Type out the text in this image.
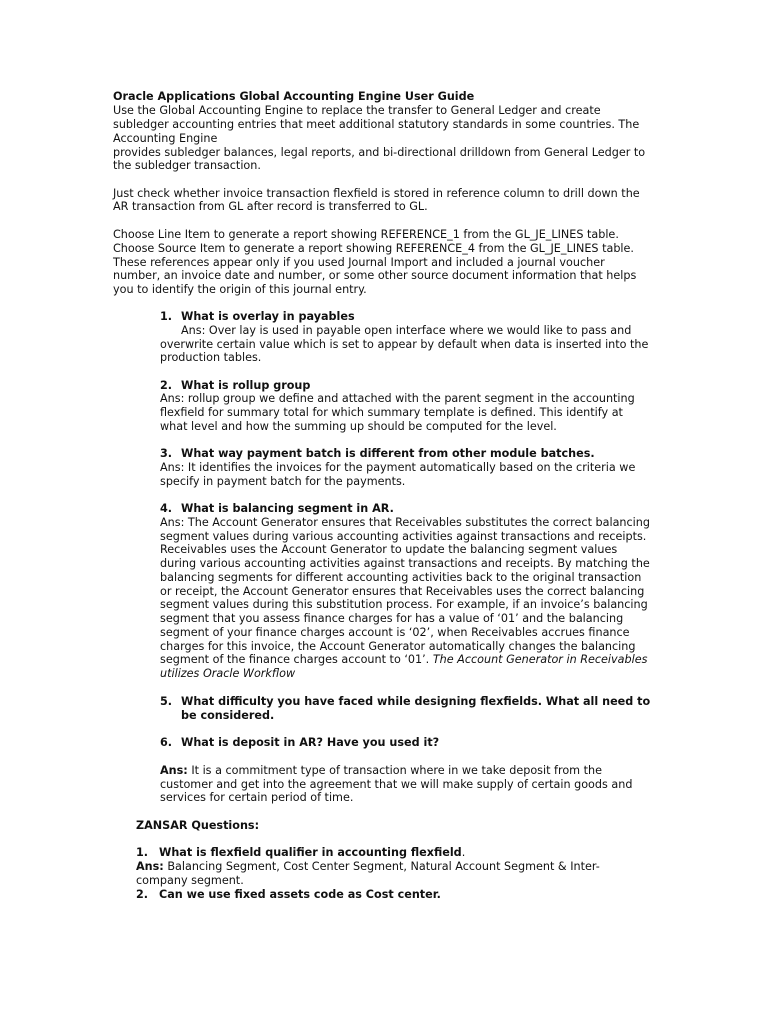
Oracle Applications Global Accounting Engine User Guide
Use the Global Accounting Engine to replace the transfer to General Ledger and create
subledger accounting entries that meet additional statutory standards in some countries. The
Accounting Engine
provides subledger balances, legal reports, and bi-directional drilldown from General Ledger to
the subledger transaction.
Just check whether invoice transaction flexfield is stored in reference column to drill down the
AR transaction from GL after record is transferred to GL.
Choose Line Item to generate a report showing REFERENCE_1 from the GL_JE_LINES table.
Choose Source Item to generate a report showing REFERENCE_4 from the GL_JE_LINES table.
These references appear only if you used Journal Import and included a journal voucher
number, an invoice date and number, or some other source document information that helps
you to identify the origin of this journal entry.
1. What is overlay in payables
Ans: Over lay is used in payable open interface where we would like to pass and
overwrite certain value which is set to appear by default when data is inserted into the
production tables.
2. What is rollup group
Ans: rollup group we define and attached with the parent segment in the accounting
flexfield for summary total for which summary template is defined. This identify at
what level and how the summing up should be computed for the level.
3. What way payment batch is different from other module batches.
Ans: It identifies the invoices for the payment automatically based on the criteria we
specify in payment batch for the payments.
4. What is balancing segment in AR.
Ans: The Account Generator ensures that Receivables substitutes the correct balancing
segment values during various accounting activities against transactions and receipts.
Receivables uses the Account Generator to update the balancing segment values
during various accounting activities against transactions and receipts. By matching the
balancing segments for different accounting activities back to the original transaction
or receipt, the Account Generator ensures that Receivables uses the correct balancing
segment values during this substitution process. For example, if an invoice’s balancing
segment that you assess finance charges for has a value of ‘01’ and the balancing
segment of your finance charges account is ‘02’, when Receivables accrues finance
charges for this invoice, the Account Generator automatically changes the balancing
segment of the finance charges account to ‘01’. The Account Generator in Receivables
utilizes Oracle Workflow
5. What difficulty you have faced while designing flexfields. What all need to
be considered.
6. What is deposit in AR? Have you used it?
Ans: It is a commitment type of transaction where in we take deposit from the
customer and get into the agreement that we will make supply of certain goods and
services for certain period of time.
ZANSAR Questions:
1. What is flexfield qualifier in accounting flexfield.
Ans: Balancing Segment, Cost Center Segment, Natural Account Segment & Inter-
company segment.
2. Can we use fixed assets code as Cost center.
